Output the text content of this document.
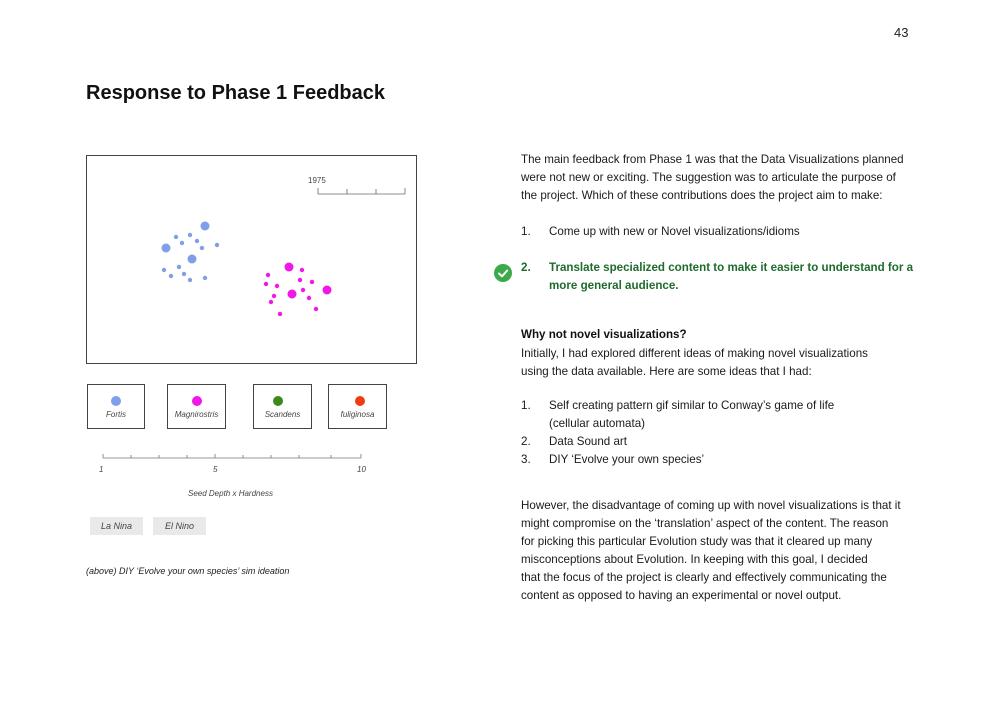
43
Response to Phase 1 Feedback
1975
Fortis	Magnirostris	Scandens	fuliginosa
1	5	10
Seed Depth x Hardness
La Nina	El Nino
(above) DIY ‘Evolve your own species’ sim ideation

The main feedback from Phase 1 was that the Data Visualizations planned
were not new or exciting. The suggestion was to articulate the purpose of
the project. Which of these contributions does the project aim to make:

1. Come up with new or Novel visualizations/idioms
2. Translate specialized content to make it easier to understand for a
more general audience.
Why not novel visualizations?

Initially, I had explored different ideas of making novel visualizations
using the data available. Here are some ideas that I had:

1. Self creating pattern gif similar to Conway’s game of life
(cellular automata)
2. Data Sound art
3. DIY ‘Evolve your own species’

However, the disadvantage of coming up with novel visualizations is that it
might compromise on the ‘translation’ aspect of the content. The reason
for picking this particular Evolution study was that it cleared up many
misconceptions about Evolution. In keeping with this goal, I decided
that the focus of the project is clearly and effectively communicating the
content as opposed to having an experimental or novel output.
